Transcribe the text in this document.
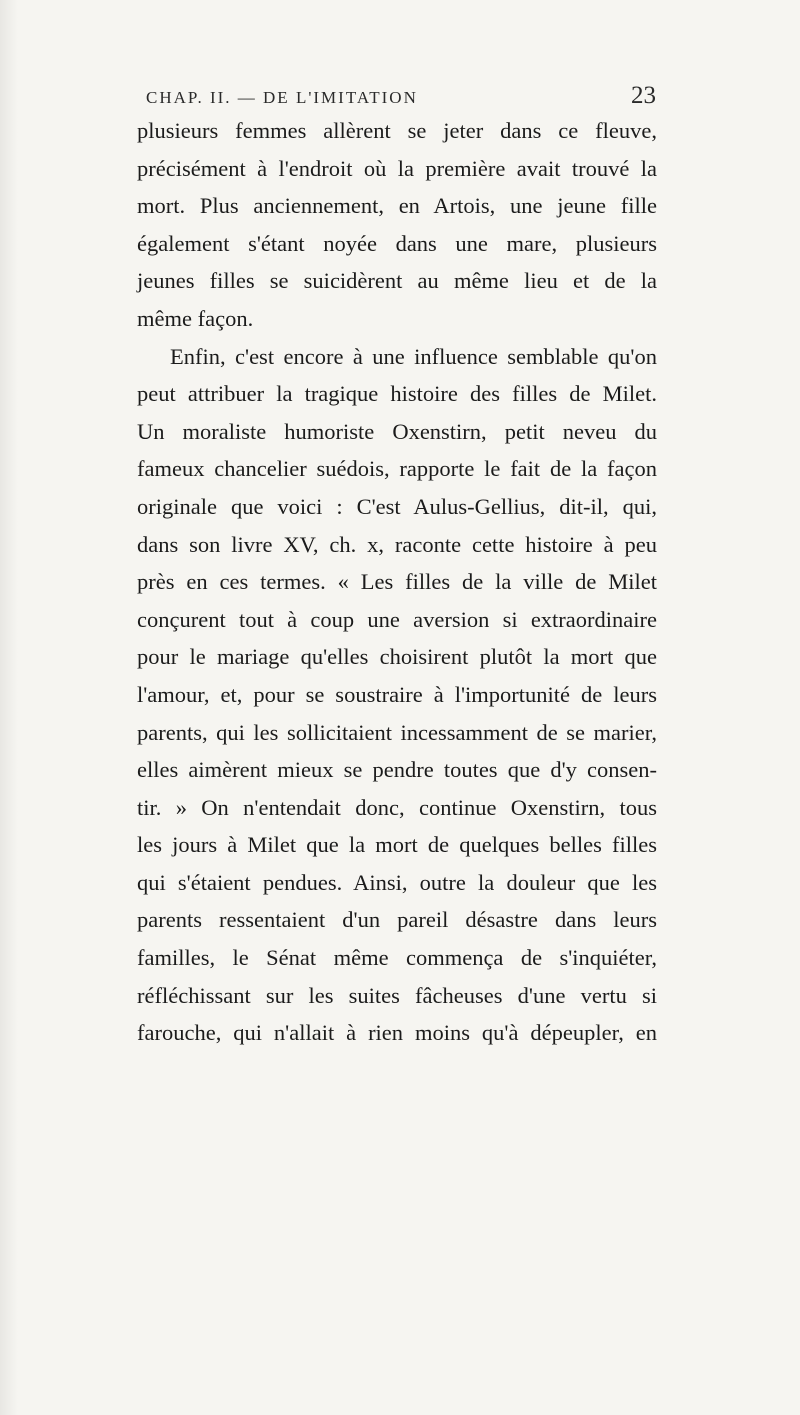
CHAP. II. — DE L'IMITATION	23
plusieurs femmes allèrent se jeter dans ce fleuve,
précisément à l'endroit où la première avait trouvé la
mort. Plus anciennement, en Artois, une jeune fille
également s'étant noyée dans une mare, plusieurs
jeunes filles se suicidèrent au même lieu et de la
même façon.
Enfin, c'est encore à une influence semblable qu'on
peut attribuer la tragique histoire des filles de Milet.
Un moraliste humoriste Oxenstirn, petit neveu du
fameux chancelier suédois, rapporte le fait de la façon
originale que voici : C'est Aulus-Gellius, dit-il, qui,
dans son livre XV, ch. x, raconte cette histoire à peu
près en ces termes. « Les filles de la ville de Milet
conçurent tout à coup une aversion si extraordinaire
pour le mariage qu'elles choisirent plutôt la mort que
l'amour, et, pour se soustraire à l'importunité de leurs
parents, qui les sollicitaient incessamment de se marier,
elles aimèrent mieux se pendre toutes que d'y consen-
tir. » On n'entendait donc, continue Oxenstirn, tous
les jours à Milet que la mort de quelques belles filles
qui s'étaient pendues. Ainsi, outre la douleur que les
parents ressentaient d'un pareil désastre dans leurs
familles, le Sénat même commença de s'inquiéter,
réfléchissant sur les suites fâcheuses d'une vertu si
farouche, qui n'allait à rien moins qu'à dépeupler, en
